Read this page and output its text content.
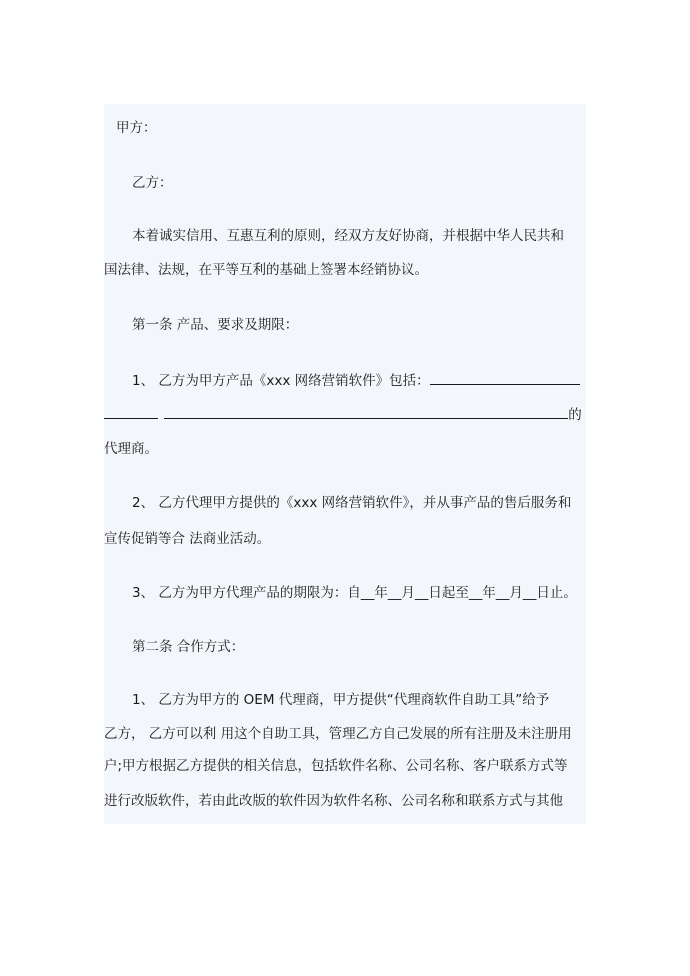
甲方：
乙方：
本着诚实信用、互惠互利的原则，经双方友好协商，并根据中华人民共和
国法律、法规，在平等互利的基础上签署本经销协议。
第一条 产品、要求及期限：
1、 乙方为甲方产品《xxx 网络营销软件》包括：
的
代理商。
2、 乙方代理甲方提供的《xxx 网络营销软件》，并从事产品的售后服务和
宣传促销等合 法商业活动。
3、 乙方为甲方代理产品的期限为：自__年__月__日起至__年__月__日止。
第二条 合作方式：
1、 乙方为甲方的 OEM 代理商，甲方提供“代理商软件自助工具”给予
乙方， 乙方可以利 用这个自助工具，管理乙方自己发展的所有注册及未注册用
户;甲方根据乙方提供的相关信息，包括软件名称、公司名称、客户联系方式等
进行改版软件，若由此改版的软件因为软件名称、公司名称和联系方式与其他
